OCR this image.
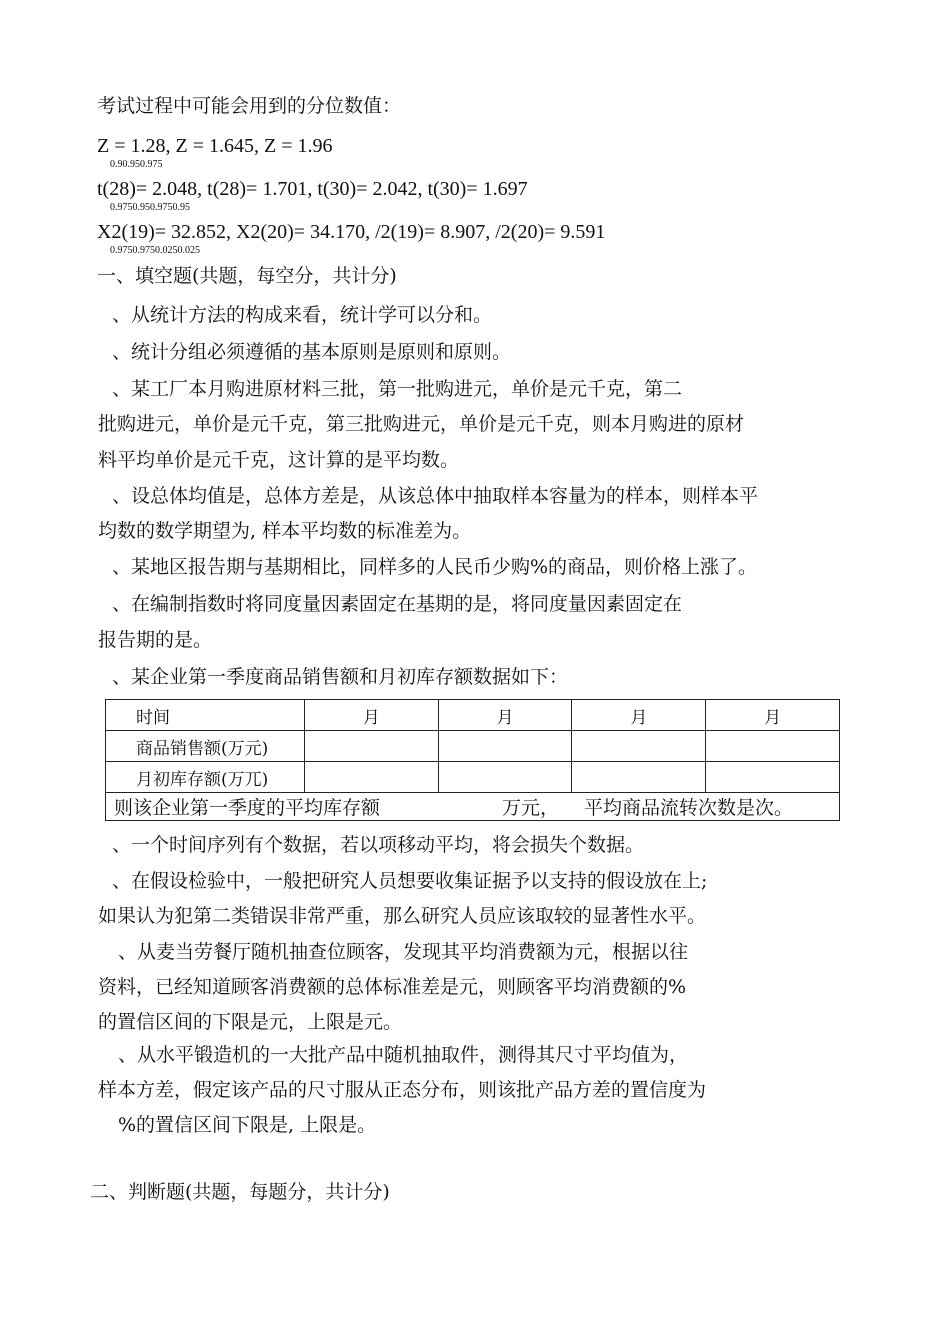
考试过程中可能会用到的分位数值：
Z = 1.28, Z = 1.645, Z = 1.96
0.90.950.975
t(28)= 2.048, t(28)= 1.701, t(30)= 2.042, t(30)= 1.697
0.9750.950.9750.95
X2(19)= 32.852, X2(20)= 34.170, /2(19)= 8.907, /2(20)= 9.591
0.9750.9750.0250.025
一、填空题(共题，每空分，共计分)
、从统计方法的构成来看，统计学可以分和。
、统计分组必须遵循的基本原则是原则和原则。
、某工厂本月购进原材料三批，第一批购进元，单价是元千克，第二
批购进元，单价是元千克，第三批购进元，单价是元千克，则本月购进的原材
料平均单价是元千克，这计算的是平均数。
、设总体均值是，总体方差是，从该总体中抽取样本容量为的样本，则样本平
均数的数学期望为, 样本平均数的标准差为。
、某地区报告期与基期相比，同样多的人民币少购%的商品，则价格上涨了。
、在编制指数时将同度量因素固定在基期的是，将同度量因素固定在
报告期的是。
、某企业第一季度商品销售额和月初库存额数据如下：
时间	月	月	月	月
商品销售额(万元)				
月初库存额(万兀)				

则该企业第一季度的平均库存额 万元， 平均商品流转次数是次。				
、一个时间序列有个数据，若以项移动平均，将会损失个数据。
、在假设检验中，一般把研究人员想要收集证据予以支持的假设放在上;
如果认为犯第二类错误非常严重，那么研究人员应该取较的显著性水平。
、从麦当劳餐厅随机抽查位顾客，发现其平均消费额为元，根据以往
资料，已经知道顾客消费额的总体标准差是元，则顾客平均消费额的%
的置信区间的下限是元，上限是元。
、从水平锻造机的一大批产品中随机抽取件，测得其尺寸平均值为，
样本方差，假定该产品的尺寸服从正态分布，则该批产品方差的置信度为
%的置信区间下限是, 上限是。
二、判断题(共题，每题分，共计分)
